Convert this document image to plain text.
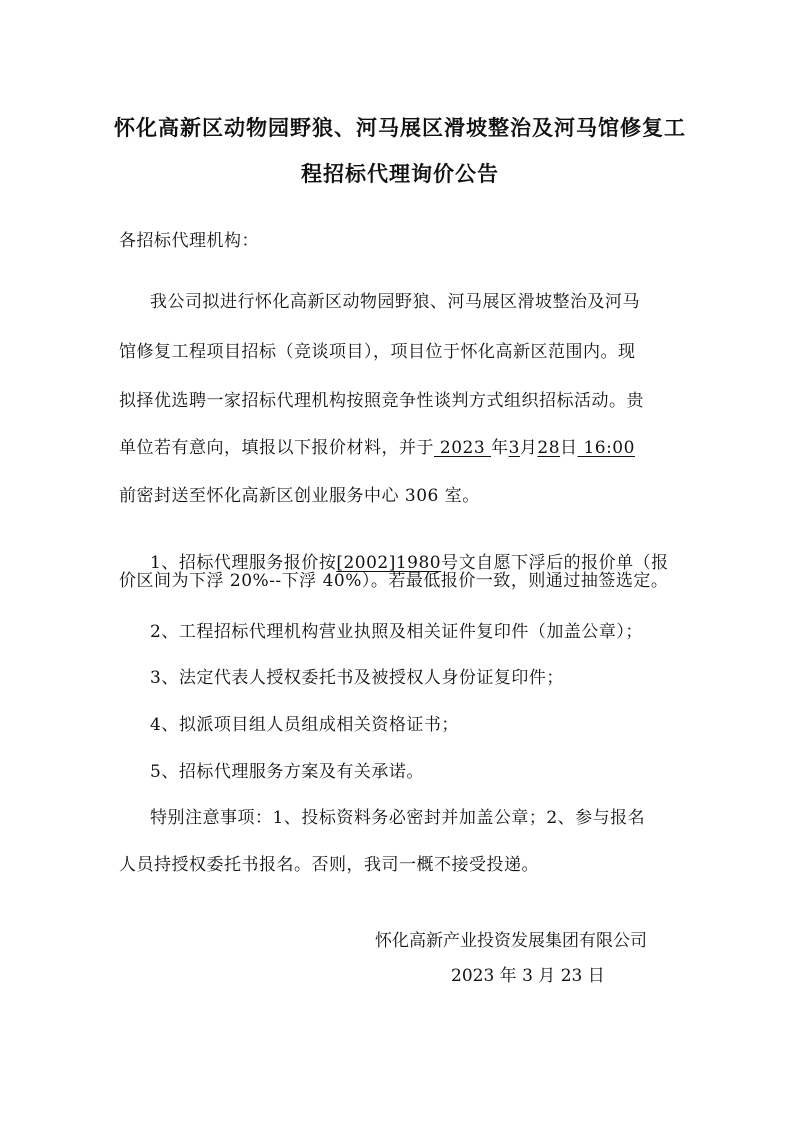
怀化高新区动物园野狼、河马展区滑坡整治及河马馆修复工
程招标代理询价公告
各招标代理机构：
我公司拟进行怀化高新区动物园野狼、河马展区滑坡整治及河马
馆修复工程项目招标（竞谈项目），项目位于怀化高新区范围内。现
拟择优选聘一家招标代理机构按照竞争性谈判方式组织招标活动。贵
单位若有意向，填报以下报价材料，并于 2023 年3月28日 16:00
前密封送至怀化高新区创业服务中心 306 室。
1、招标代理服务报价按[2002]1980号文自愿下浮后的报价单（报
价区间为下浮 20%--下浮 40%）。若最低报价一致，则通过抽签选定。
2、工程招标代理机构营业执照及相关证件复印件（加盖公章）；
3、法定代表人授权委托书及被授权人身份证复印件；
4、拟派项目组人员组成相关资格证书；
5、招标代理服务方案及有关承诺。
特别注意事项：1、投标资料务必密封并加盖公章；2、参与报名
人员持授权委托书报名。否则，我司一概不接受投递。
怀化高新产业投资发展集团有限公司
2023 年 3 月 23 日
